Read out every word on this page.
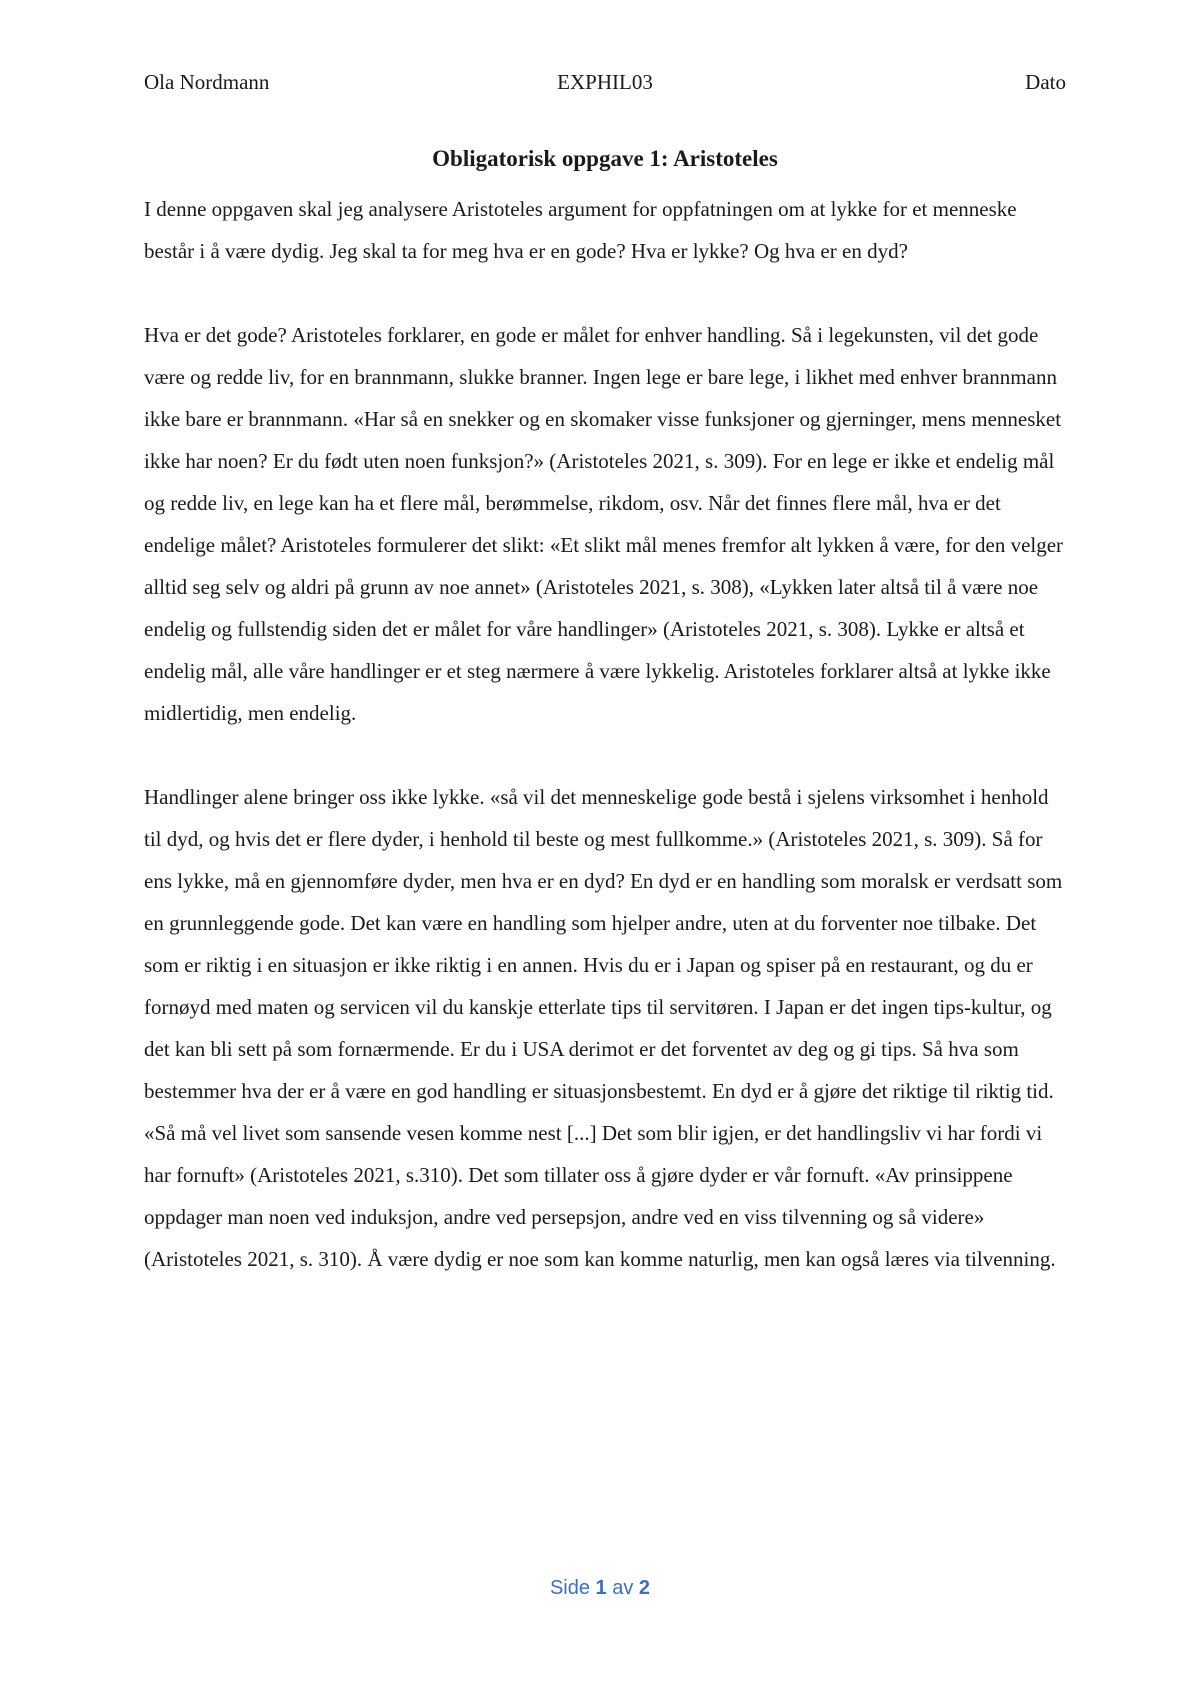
Ola Nordmann	EXPHIL03	Dato
Obligatorisk oppgave 1: Aristoteles

I denne oppgaven skal jeg analysere Aristoteles argument for oppfatningen om at lykke for et menneske består i å være dydig. Jeg skal ta for meg hva er en gode? Hva er lykke? Og hva er en dyd?

Hva er det gode? Aristoteles forklarer, en gode er målet for enhver handling. Så i legekunsten, vil det gode være og redde liv, for en brannmann, slukke branner. Ingen lege er bare lege, i likhet med enhver brannmann ikke bare er brannmann. «Har så en snekker og en skomaker visse funksjoner og gjerninger, mens mennesket ikke har noen? Er du født uten noen funksjon?» (Aristoteles 2021, s. 309). For en lege er ikke et endelig mål og redde liv, en lege kan ha et flere mål, berømmelse, rikdom, osv. Når det finnes flere mål, hva er det endelige målet? Aristoteles formulerer det slikt: «Et slikt mål menes fremfor alt lykken å være, for den velger alltid seg selv og aldri på grunn av noe annet» (Aristoteles 2021, s. 308), «Lykken later altså til å være noe endelig og fullstendig siden det er målet for våre handlinger» (Aristoteles 2021, s. 308). Lykke er altså et endelig mål, alle våre handlinger er et steg nærmere å være lykkelig. Aristoteles forklarer altså at lykke ikke midlertidig, men endelig.

Handlinger alene bringer oss ikke lykke. «så vil det menneskelige gode bestå i sjelens virksomhet i henhold til dyd, og hvis det er flere dyder, i henhold til beste og mest fullkomme.» (Aristoteles 2021, s. 309). Så for ens lykke, må en gjennomføre dyder, men hva er en dyd? En dyd er en handling som moralsk er verdsatt som en grunnleggende gode. Det kan være en handling som hjelper andre, uten at du forventer noe tilbake. Det som er riktig i en situasjon er ikke riktig i en annen. Hvis du er i Japan og spiser på en restaurant, og du er fornøyd med maten og servicen vil du kanskje etterlate tips til servitøren. I Japan er det ingen tips-kultur, og det kan bli sett på som fornærmende. Er du i USA derimot er det forventet av deg og gi tips. Så hva som bestemmer hva der er å være en god handling er situasjonsbestemt. En dyd er å gjøre det riktige til riktig tid. «Så må vel livet som sansende vesen komme nest [...] Det som blir igjen, er det handlingsliv vi har fordi vi har fornuft» (Aristoteles 2021, s.310). Det som tillater oss å gjøre dyder er vår fornuft. «Av prinsippene oppdager man noen ved induksjon, andre ved persepsjon, andre ved en viss tilvenning og så videre» (Aristoteles 2021, s. 310). Å være dydig er noe som kan komme naturlig, men kan også læres via tilvenning.

Side 1 av 2
